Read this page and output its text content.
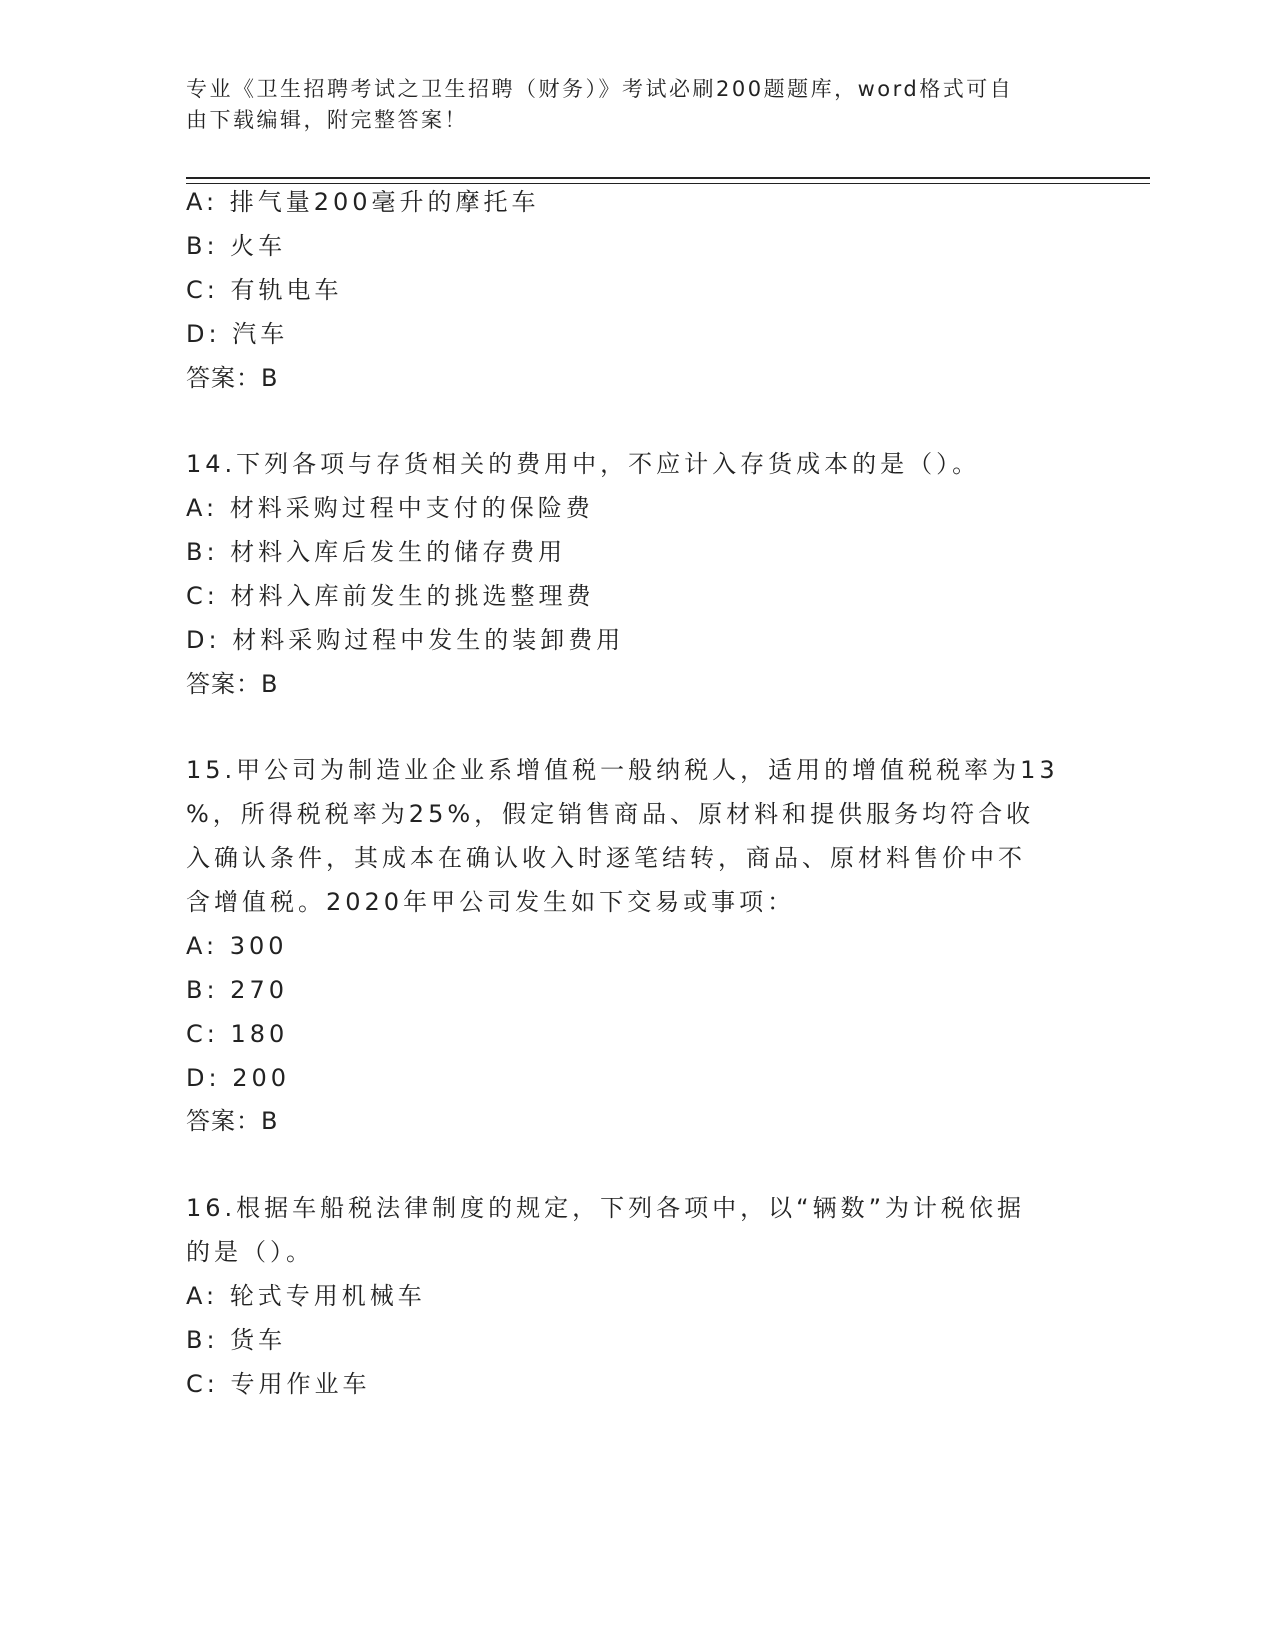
专业《卫生招聘考试之卫生招聘（财务）》考试必刷200题题库，word格式可自
由下载编辑，附完整答案！
A: 排气量200毫升的摩托车
B: 火车
C: 有轨电车
D: 汽车
答案：B
14.下列各项与存货相关的费用中，不应计入存货成本的是（）。
A: 材料采购过程中支付的保险费
B: 材料入库后发生的储存费用
C: 材料入库前发生的挑选整理费
D: 材料采购过程中发生的装卸费用
答案：B
15.甲公司为制造业企业系增值税一般纳税人，适用的增值税税率为13
%，所得税税率为25%，假定销售商品、原材料和提供服务均符合收
入确认条件，其成本在确认收入时逐笔结转，商品、原材料售价中不
含增值税。2020年甲公司发生如下交易或事项：
A: 300
B: 270
C: 180
D: 200
答案：B
16.根据车船税法律制度的规定，下列各项中，以“辆数”为计税依据
的是（）。
A: 轮式专用机械车
B: 货车
C: 专用作业车
